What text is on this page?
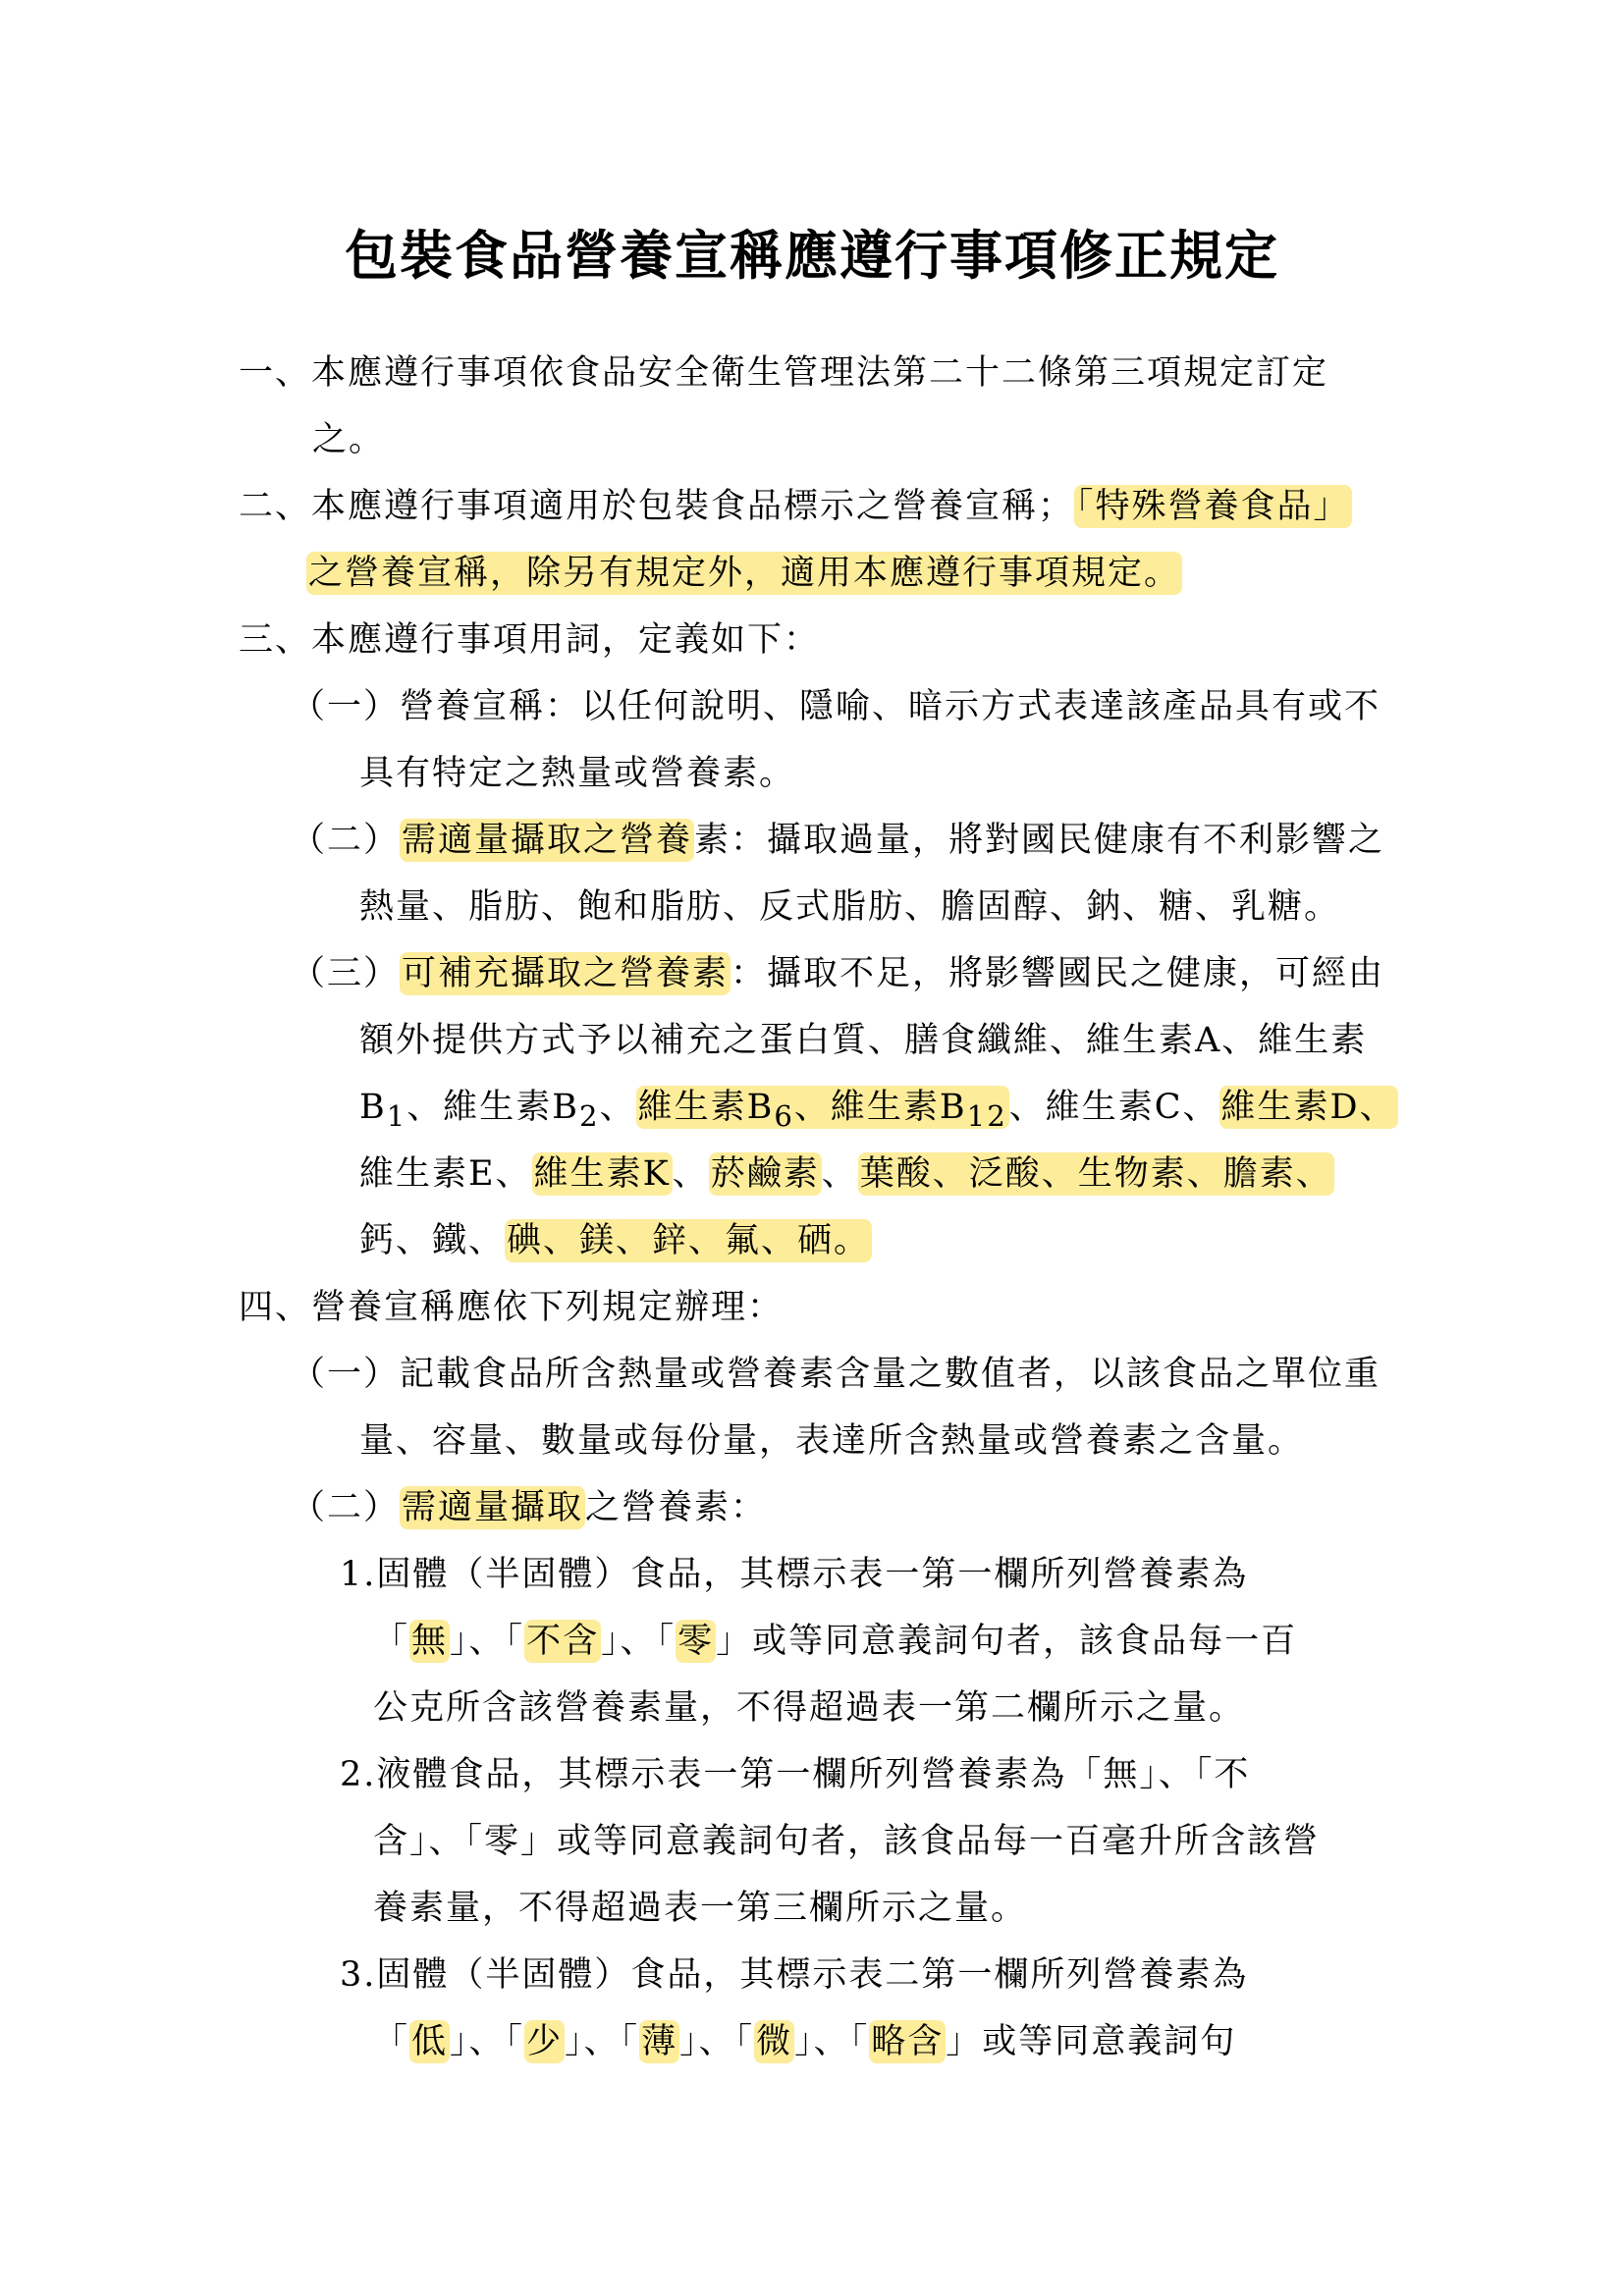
包裝食品營養宣稱應遵行事項修正規定
一、本應遵行事項依食品安全衛生管理法第二十二條第三項規定訂定
之。
二、本應遵行事項適用於包裝食品標示之營養宣稱；「特殊營養食品」
之營養宣稱，除另有規定外，適用本應遵行事項規定。
三、本應遵行事項用詞，定義如下：
（一）營養宣稱：以任何說明、隱喻、暗示方式表達該產品具有或不
具有特定之熱量或營養素。
（二）需適量攝取之營養素：攝取過量，將對國民健康有不利影響之
熱量、脂肪、飽和脂肪、反式脂肪、膽固醇、鈉、糖、乳糖。
（三）可補充攝取之營養素：攝取不足，將影響國民之健康，可經由
額外提供方式予以補充之蛋白質、膳食纖維、維生素A、維生素
$B_1$、維生素$B_2$、維生素$B_6$、維生素$B_{12}$、維生素C、維生素D、
維生素E、維生素K、菸鹼素、葉酸、泛酸、生物素、膽素、
鈣、鐵、碘、鎂、鋅、氟、硒。
四、營養宣稱應依下列規定辦理：
（一）記載食品所含熱量或營養素含量之數值者，以該食品之單位重
量、容量、數量或每份量，表達所含熱量或營養素之含量。
（二）需適量攝取之營養素：
1.固體（半固體）食品，其標示表一第一欄所列營養素為
「無」、「不含」、「零」或等同意義詞句者，該食品每一百
公克所含該營養素量，不得超過表一第二欄所示之量。
2.液體食品，其標示表一第一欄所列營養素為「無」、「不
含」、「零」或等同意義詞句者，該食品每一百毫升所含該營
養素量，不得超過表一第三欄所示之量。
3.固體（半固體）食品，其標示表二第一欄所列營養素為
「低」、「少」、「薄」、「微」、「略含」或等同意義詞句
